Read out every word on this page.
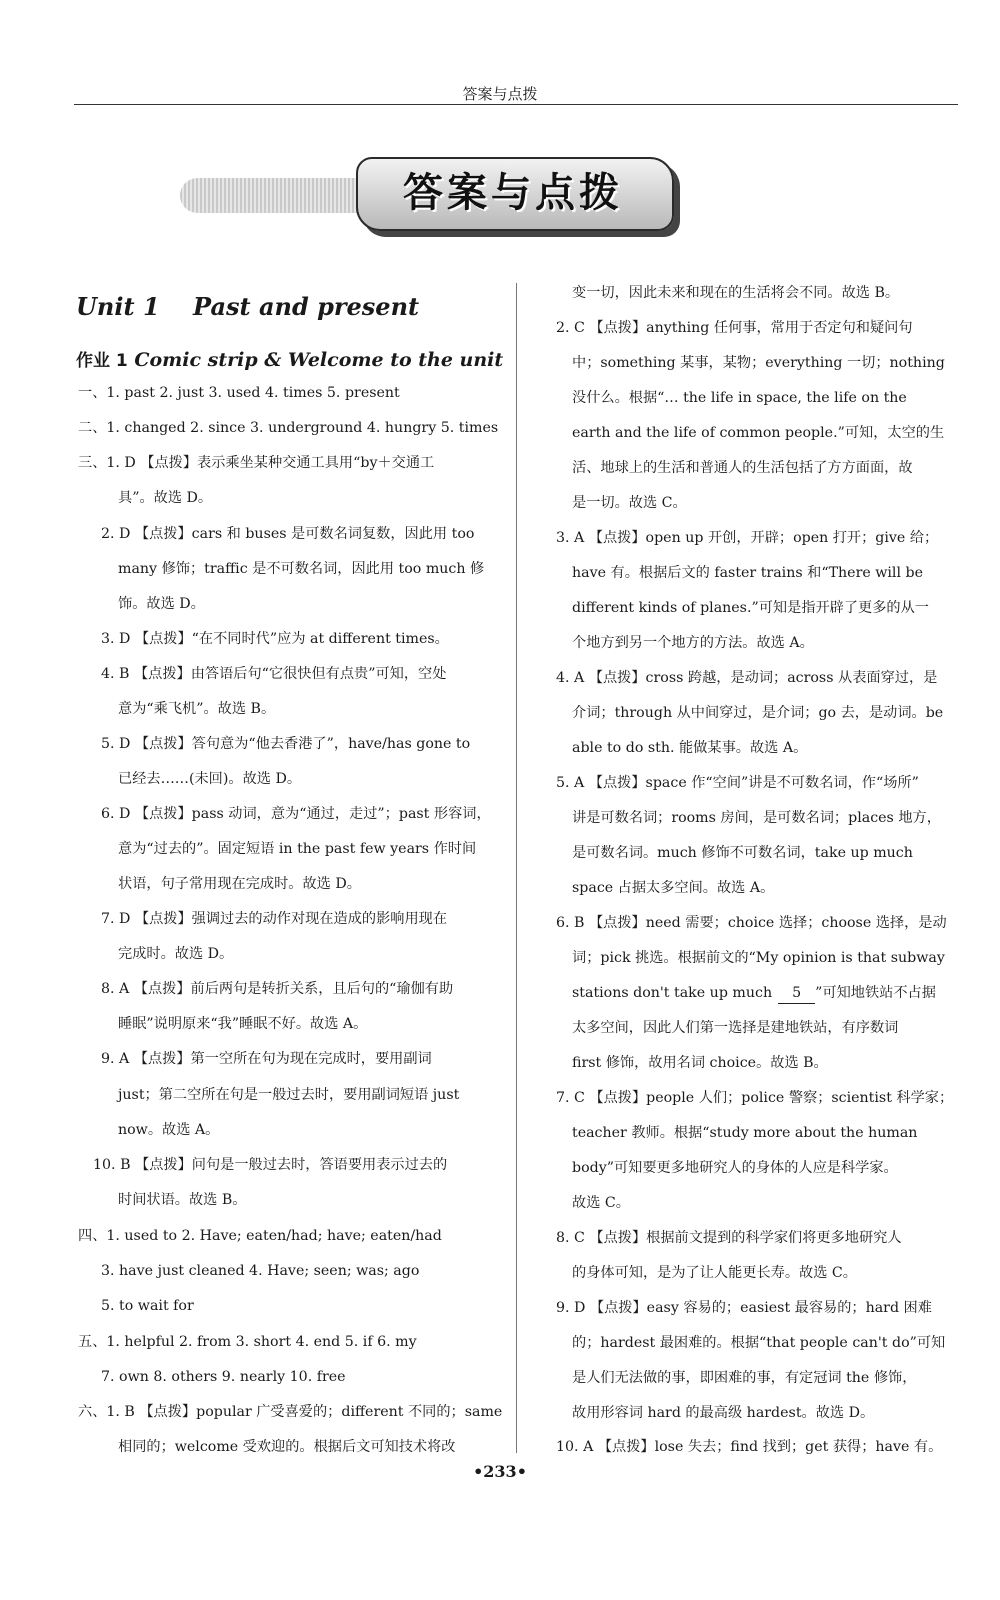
答案与点拨
答案与点拨
Unit 1    Past and present
作业 1 Comic strip & Welcome to the unit
一、1. past 2. just 3. used 4. times 5. present
二、1. changed 2. since 3. underground 4. hungry 5. times
三、1. D 【点拨】表示乘坐某种交通工具用“by＋交通工
具”。故选 D。
2. D 【点拨】cars 和 buses 是可数名词复数，因此用 too
many 修饰；traffic 是不可数名词，因此用 too much 修
饰。故选 D。
3. D 【点拨】“在不同时代”应为 at different times。
4. B 【点拨】由答语后句“它很快但有点贵”可知，空处
意为“乘飞机”。故选 B。
5. D 【点拨】答句意为“他去香港了”，have/has gone to
已经去……(未回)。故选 D。
6. D 【点拨】pass 动词，意为“通过，走过”；past 形容词，
意为“过去的”。固定短语 in the past few years 作时间
状语，句子常用现在完成时。故选 D。
7. D 【点拨】强调过去的动作对现在造成的影响用现在
完成时。故选 D。
8. A 【点拨】前后两句是转折关系，且后句的“瑜伽有助
睡眠”说明原来“我”睡眠不好。故选 A。
9. A 【点拨】第一空所在句为现在完成时，要用副词
just；第二空所在句是一般过去时，要用副词短语 just
now。故选 A。
10. B 【点拨】问句是一般过去时，答语要用表示过去的
时间状语。故选 B。
四、1. used to 2. Have; eaten/had; have; eaten/had
3. have just cleaned 4. Have; seen; was; ago
5. to wait for
五、1. helpful 2. from 3. short 4. end 5. if 6. my
7. own 8. others 9. nearly 10. free
六、1. B 【点拨】popular 广受喜爱的；different 不同的；same
相同的；welcome 受欢迎的。根据后文可知技术将改
变一切，因此未来和现在的生活将会不同。故选 B。
2. C 【点拨】anything 任何事，常用于否定句和疑问句
中；something 某事，某物；everything 一切；nothing
没什么。根据“… the life in space, the life on the
earth and the life of common people.”可知，太空的生
活、地球上的生活和普通人的生活包括了方方面面，故
是一切。故选 C。
3. A 【点拨】open up 开创，开辟；open 打开；give 给；
have 有。根据后文的 faster trains 和“There will be
different kinds of planes.”可知是指开辟了更多的从一
个地方到另一个地方的方法。故选 A。
4. A 【点拨】cross 跨越，是动词；across 从表面穿过，是
介词；through 从中间穿过，是介词；go 去，是动词。be
able to do sth. 能做某事。故选 A。
5. A 【点拨】space 作“空间”讲是不可数名词，作“场所”
讲是可数名词；rooms 房间，是可数名词；places 地方，
是可数名词。much 修饰不可数名词，take up much
space 占据太多空间。故选 A。
6. B 【点拨】need 需要；choice 选择；choose 选择，是动
词；pick 挑选。根据前文的“My opinion is that subway
stations don't take up much 5 ”可知地铁站不占据
太多空间，因此人们第一选择是建地铁站，有序数词
first 修饰，故用名词 choice。故选 B。
7. C 【点拨】people 人们；police 警察；scientist 科学家；
teacher 教师。根据“study more about the human
body”可知要更多地研究人的身体的人应是科学家。
故选 C。
8. C 【点拨】根据前文提到的科学家们将更多地研究人
的身体可知，是为了让人能更长寿。故选 C。
9. D 【点拨】easy 容易的；easiest 最容易的；hard 困难
的；hardest 最困难的。根据“that people can't do”可知
是人们无法做的事，即困难的事，有定冠词 the 修饰，
故用形容词 hard 的最高级 hardest。故选 D。
10. A 【点拨】lose 失去；find 找到；get 获得；have 有。
•233•
